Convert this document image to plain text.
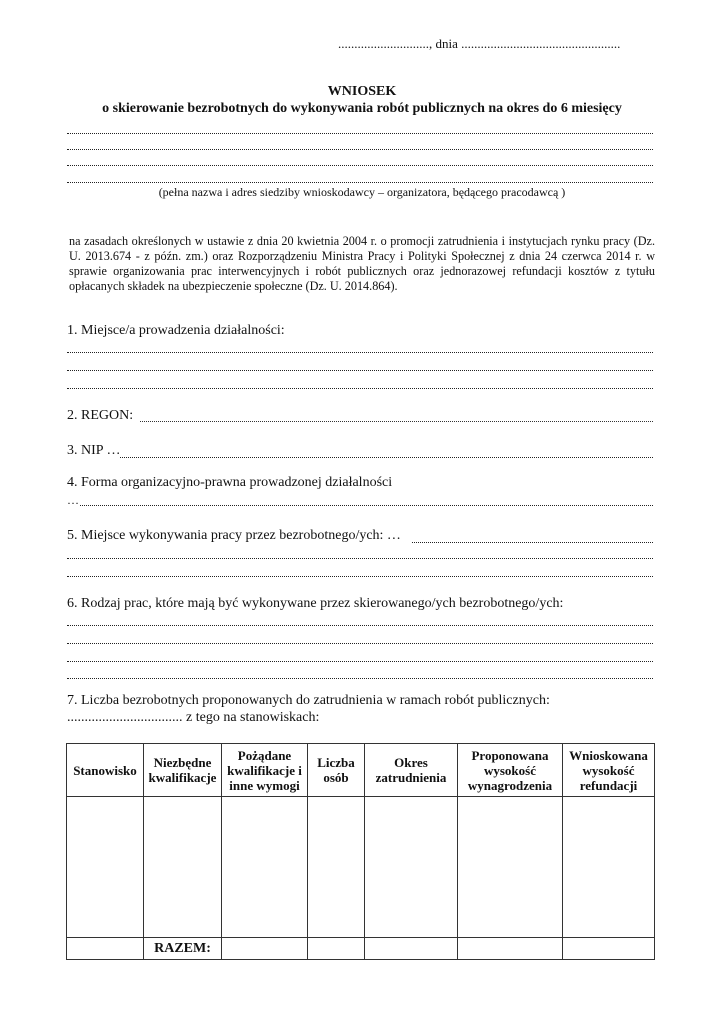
............................, dnia .................................................
WNIOSEK
o skierowanie bezrobotnych do wykonywania robót publicznych na okres do 6 miesięcy
(pełna nazwa i adres siedziby wnioskodawcy – organizatora, będącego pracodawcą )
na zasadach określonych w ustawie z dnia 20 kwietnia 2004 r. o promocji zatrudnienia i instytucjach rynku pracy (Dz. U. 2013.674 - z późn. zm.) oraz Rozporządzeniu Ministra Pracy i Polityki Społecznej z dnia 24 czerwca 2014 r. w sprawie organizowania prac interwencyjnych i robót publicznych oraz jednorazowej refundacji kosztów z tytułu opłacanych składek na ubezpieczenie społeczne (Dz. U. 2014.864).
1. Miejsce/a prowadzenia działalności:
2. REGON:
3. NIP …
4. Forma organizacyjno-prawna prowadzonej działalności
…
5. Miejsce wykonywania pracy przez bezrobotnego/ych: …
6. Rodzaj prac, które mają być wykonywane przez skierowanego/ych bezrobotnego/ych:
7. Liczba bezrobotnych proponowanych do zatrudnienia w ramach robót publicznych:
................................. z tego na stanowiskach:
Stanowisko	Niezbędne kwalifikacje	Pożądane kwalifikacje i inne wymogi	Liczba osób	Okres zatrudnienia	Proponowana wysokość wynagrodzenia	Wnioskowana wysokość refundacji

	RAZEM:					
